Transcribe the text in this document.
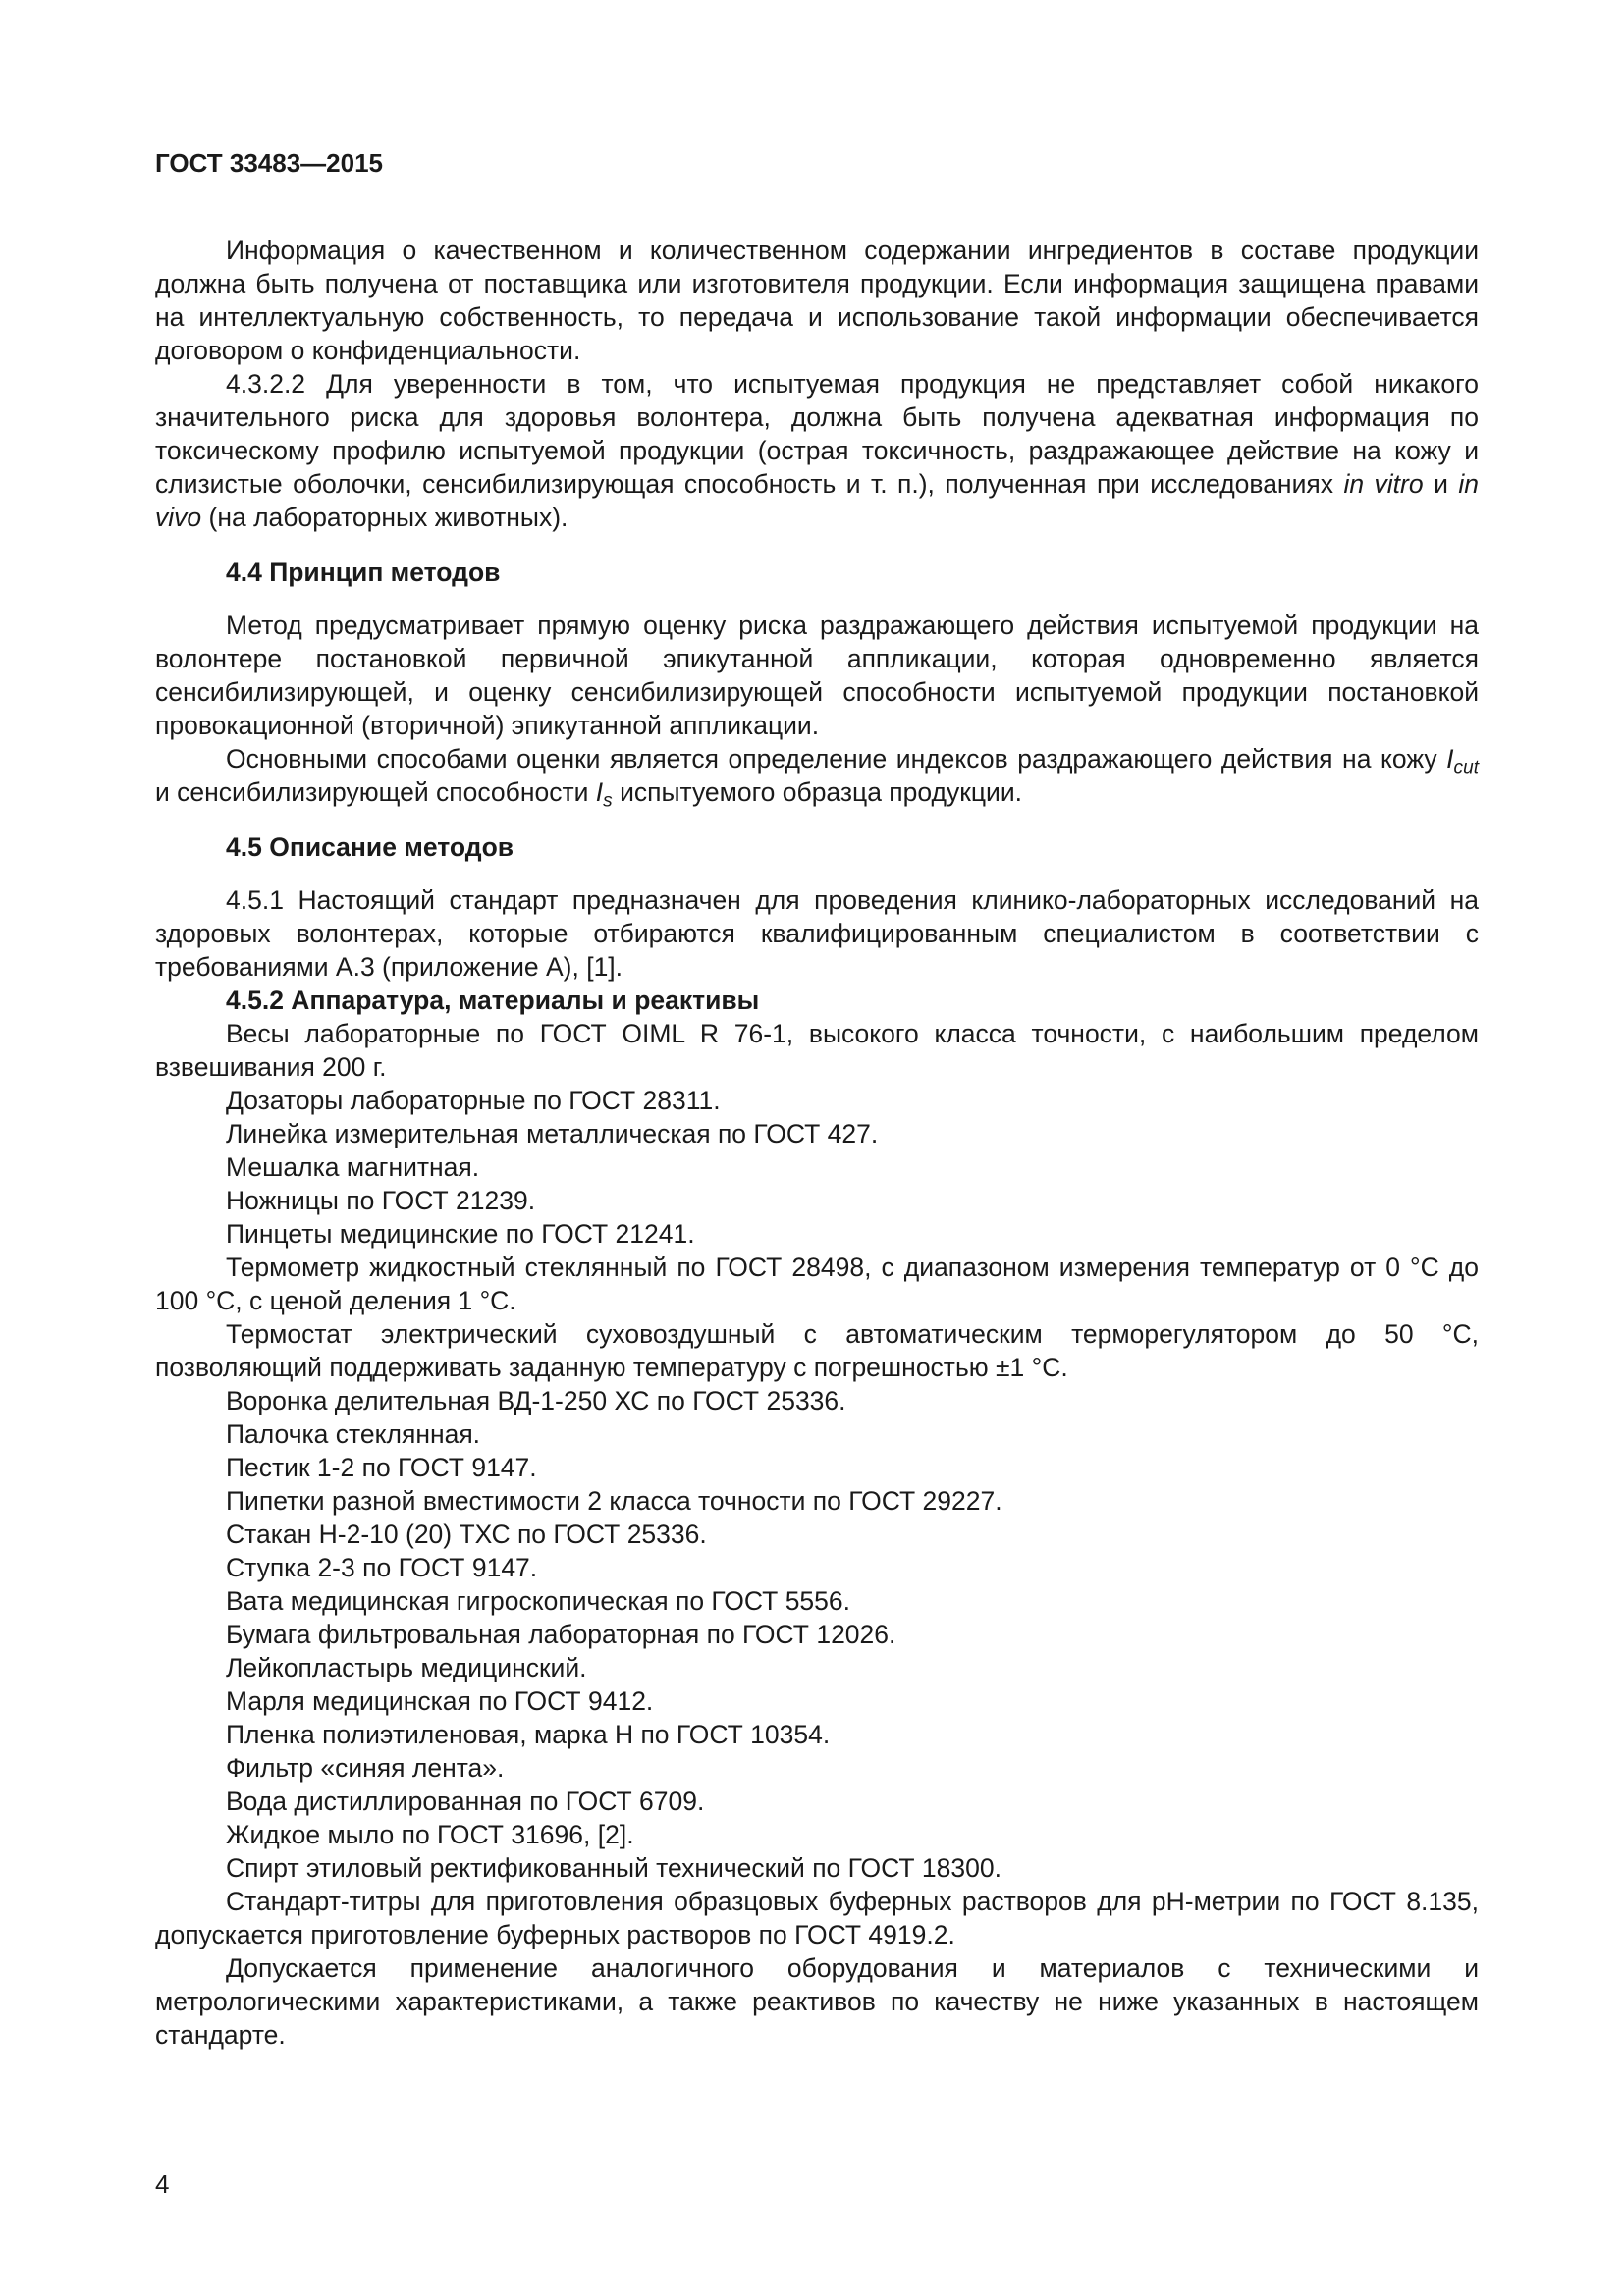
ГОСТ 33483—2015

Информация о качественном и количественном содержании ингредиентов в составе продукции должна быть получена от поставщика или изготовителя продукции. Если информация защищена правами на интеллектуальную собственность, то передача и использование такой информации обеспечивается договором о конфиденциальности.

4.3.2.2 Для уверенности в том, что испытуемая продукция не представляет собой никакого значительного риска для здоровья волонтера, должна быть получена адекватная информация по токсическому профилю испытуемой продукции (острая токсичность, раздражающее действие на кожу и слизистые оболочки, сенсибилизирующая способность и т. п.), полученная при исследованиях in vitro и in vivo (на лабораторных животных).

4.4 Принцип методов

Метод предусматривает прямую оценку риска раздражающего действия испытуемой продукции на волонтере постановкой первичной эпикутанной аппликации, которая одновременно является сенсибилизирующей, и оценку сенсибилизирующей способности испытуемой продукции постановкой провокационной (вторичной) эпикутанной аппликации.

Основными способами оценки является определение индексов раздражающего действия на кожу $I_{cut}$ и сенсибилизирующей способности $I_s$ испытуемого образца продукции.

4.5 Описание методов

4.5.1 Настоящий стандарт предназначен для проведения клинико-лабораторных исследований на здоровых волонтерах, которые отбираются квалифицированным специалистом в соответствии с требованиями А.3 (приложение А), [1].

4.5.2 Аппаратура, материалы и реактивы

Весы лабораторные по ГОСТ OIML R 76-1, высокого класса точности, с наибольшим пределом взвешивания 200 г.

Дозаторы лабораторные по ГОСТ 28311.

Линейка измерительная металлическая по ГОСТ 427.

Мешалка магнитная.

Ножницы по ГОСТ 21239.

Пинцеты медицинские по ГОСТ 21241.

Термометр жидкостный стеклянный по ГОСТ 28498, с диапазоном измерения температур от 0 °С до 100 °С, с ценой деления 1 °С.

Термостат электрический суховоздушный с автоматическим терморегулятором до 50 °С, позволяющий поддерживать заданную температуру с погрешностью ±1 °С.

Воронка делительная ВД-1-250 ХС по ГОСТ 25336.

Палочка стеклянная.

Пестик 1-2 по ГОСТ 9147.

Пипетки разной вместимости 2 класса точности по ГОСТ 29227.

Стакан Н-2-10 (20) ТХС по ГОСТ 25336.

Ступка 2-3 по ГОСТ 9147.

Вата медицинская гигроскопическая по ГОСТ 5556.

Бумага фильтровальная лабораторная по ГОСТ 12026.

Лейкопластырь медицинский.

Марля медицинская по ГОСТ 9412.

Пленка полиэтиленовая, марка Н по ГОСТ 10354.

Фильтр «синяя лента».

Вода дистиллированная по ГОСТ 6709.

Жидкое мыло по ГОСТ 31696, [2].

Спирт этиловый ректификованный технический по ГОСТ 18300.

Стандарт-титры для приготовления образцовых буферных растворов для рН-метрии по ГОСТ 8.135, допускается приготовление буферных растворов по ГОСТ 4919.2.

Допускается применение аналогичного оборудования и материалов с техническими и метрологическими характеристиками, а также реактивов по качеству не ниже указанных в настоящем стандарте.

4
